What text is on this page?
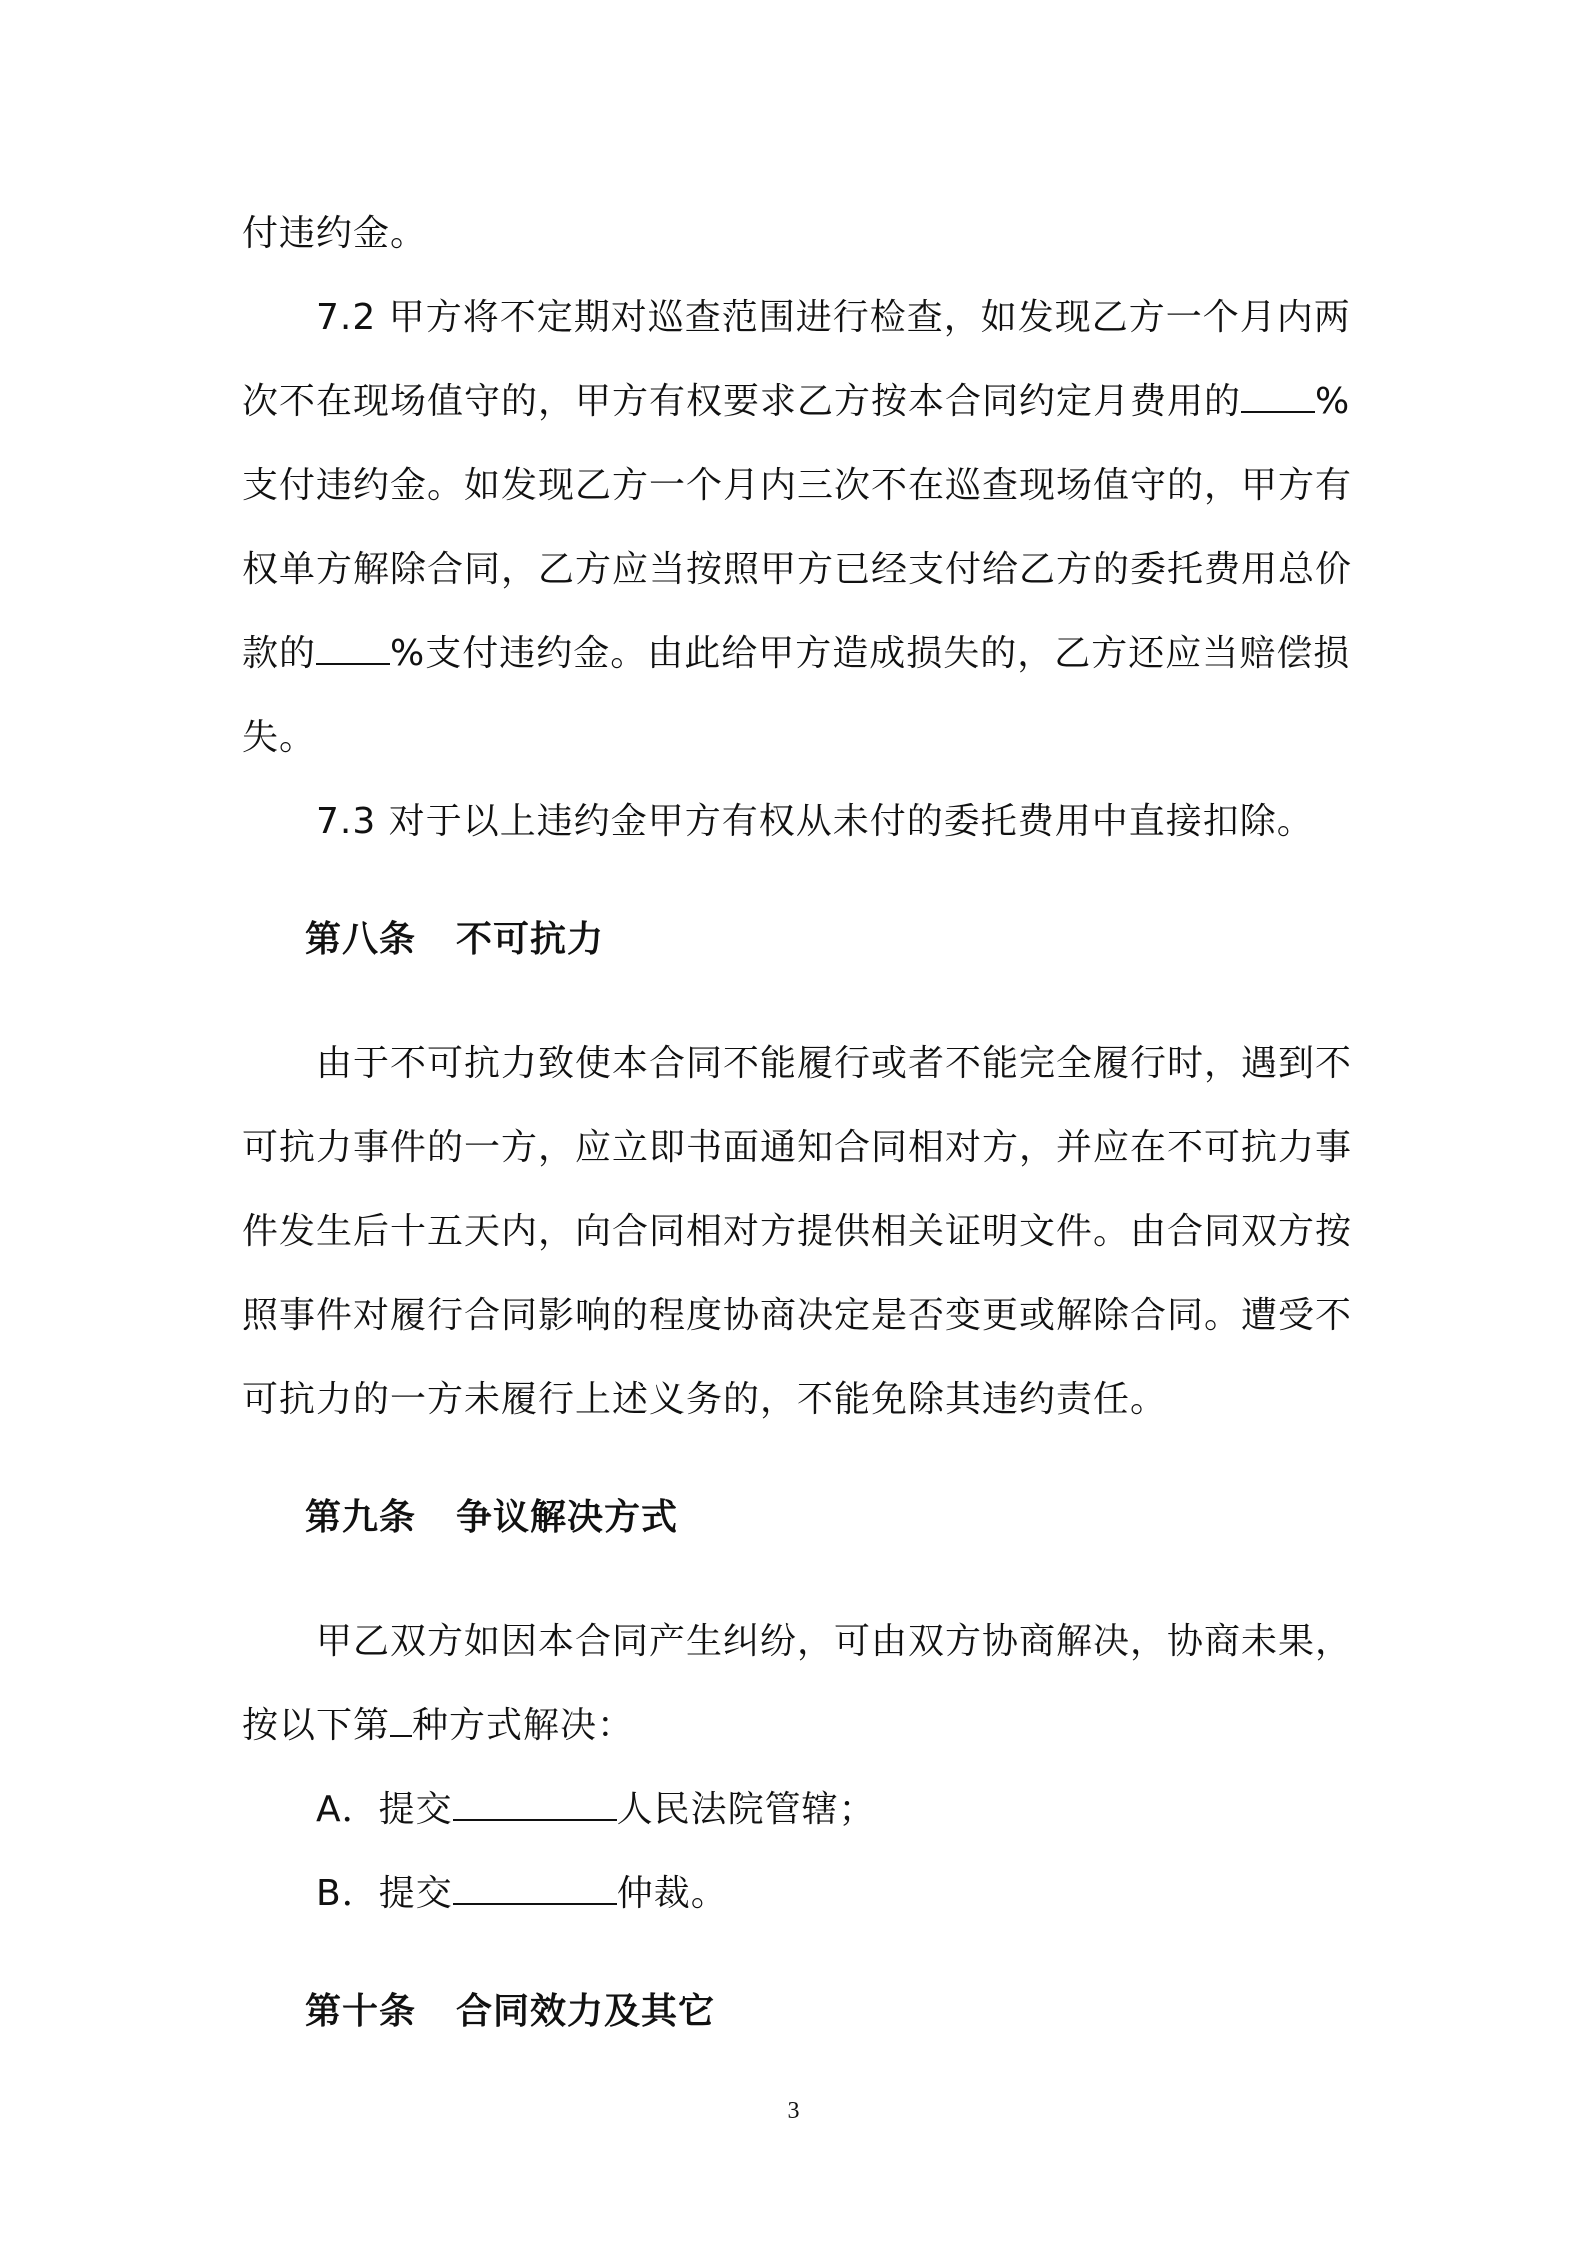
付违约金。
7.2 甲方将不定期对巡查范围进行检查，如发现乙方一个月内两
次不在现场值守的，甲方有权要求乙方按本合同约定月费用的 %
支付违约金。如发现乙方一个月内三次不在巡查现场值守的，甲方有
权单方解除合同，乙方应当按照甲方已经支付给乙方的委托费用总价
款的 %支付违约金。由此给甲方造成损失的，乙方还应当赔偿损
失。
7.3 对于以上违约金甲方有权从未付的委托费用中直接扣除。
第八条 不可抗力
由于不可抗力致使本合同不能履行或者不能完全履行时，遇到不
可抗力事件的一方，应立即书面通知合同相对方，并应在不可抗力事
件发生后十五天内，向合同相对方提供相关证明文件。由合同双方按
照事件对履行合同影响的程度协商决定是否变更或解除合同。遭受不
可抗力的一方未履行上述义务的，不能免除其违约责任。
第九条 争议解决方式
甲乙双方如因本合同产生纠纷，可由双方协商解决，协商未果，
按以下第 种方式解决：
A．提交	人民法院管辖；
B．提交	仲裁。
第十条 合同效力及其它
3
